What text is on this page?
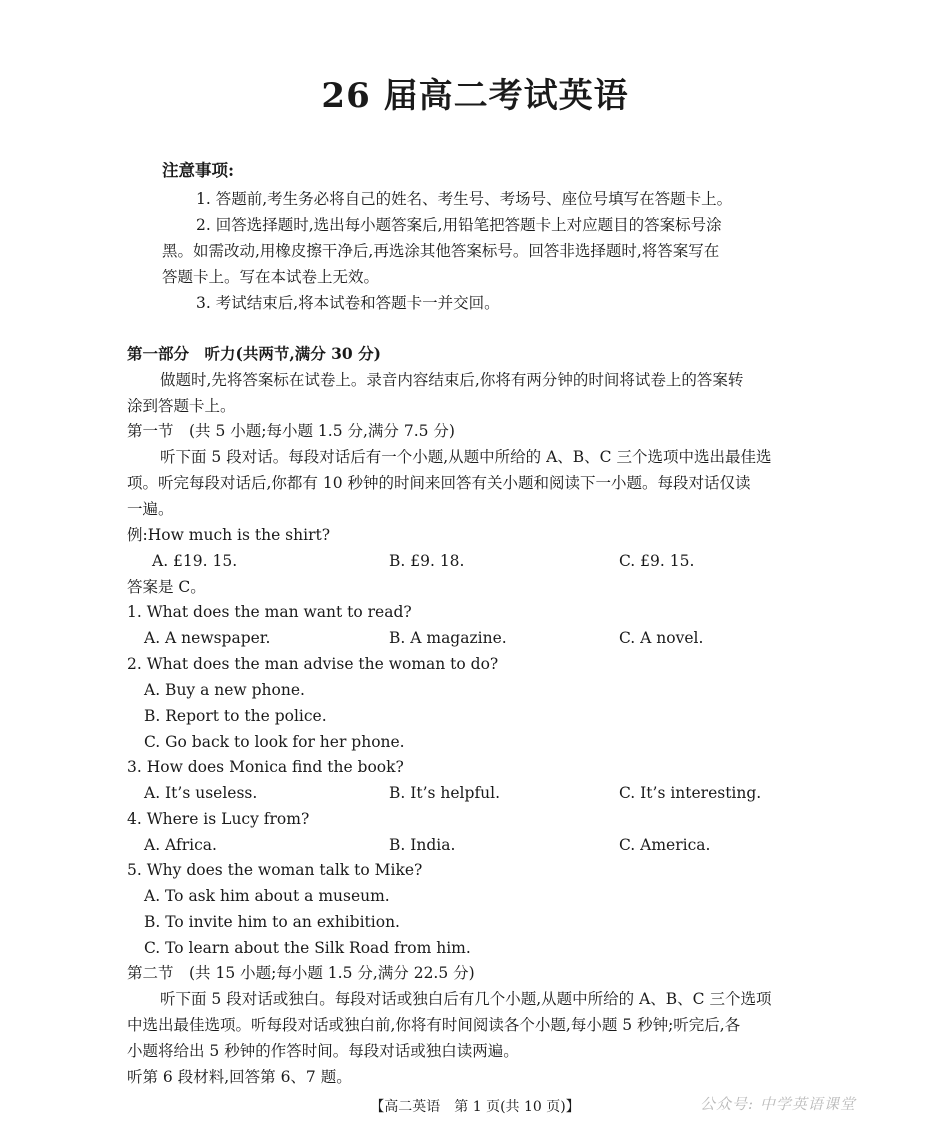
26 届高二考试英语
注意事项:
1. 答题前,考生务必将自己的姓名、考生号、考场号、座位号填写在答题卡上。
2. 回答选择题时,选出每小题答案后,用铅笔把答题卡上对应题目的答案标号涂
黑。如需改动,用橡皮擦干净后,再选涂其他答案标号。回答非选择题时,将答案写在
答题卡上。写在本试卷上无效。
3. 考试结束后,将本试卷和答题卡一并交回。
第一部分　听力(共两节,满分 30 分)
做题时,先将答案标在试卷上。录音内容结束后,你将有两分钟的时间将试卷上的答案转
涂到答题卡上。
第一节　(共 5 小题;每小题 1.5 分,满分 7.5 分)
听下面 5 段对话。每段对话后有一个小题,从题中所给的 A、B、C 三个选项中选出最佳选
项。听完每段对话后,你都有 10 秒钟的时间来回答有关小题和阅读下一小题。每段对话仅读
一遍。
例:How much is the shirt?
A. £19. 15.	B. £9. 18.	C. £9. 15.
答案是 C。
1. What does the man want to read?
A. A newspaper.	B. A magazine.	C. A novel.
2. What does the man advise the woman to do?
A. Buy a new phone.
B. Report to the police.
C. Go back to look for her phone.
3. How does Monica find the book?
A. It’s useless.	B. It’s helpful.	C. It’s interesting.
4. Where is Lucy from?
A. Africa.	B. India.	C. America.
5. Why does the woman talk to Mike?
A. To ask him about a museum.
B. To invite him to an exhibition.
C. To learn about the Silk Road from him.
第二节　(共 15 小题;每小题 1.5 分,满分 22.5 分)
听下面 5 段对话或独白。每段对话或独白后有几个小题,从题中所给的 A、B、C 三个选项
中选出最佳选项。听每段对话或独白前,你将有时间阅读各个小题,每小题 5 秒钟;听完后,各
小题将给出 5 秒钟的作答时间。每段对话或独白读两遍。
听第 6 段材料,回答第 6、7 题。
【高二英语　第 1 页(共 10 页)】	公众号: 中学英语课堂
